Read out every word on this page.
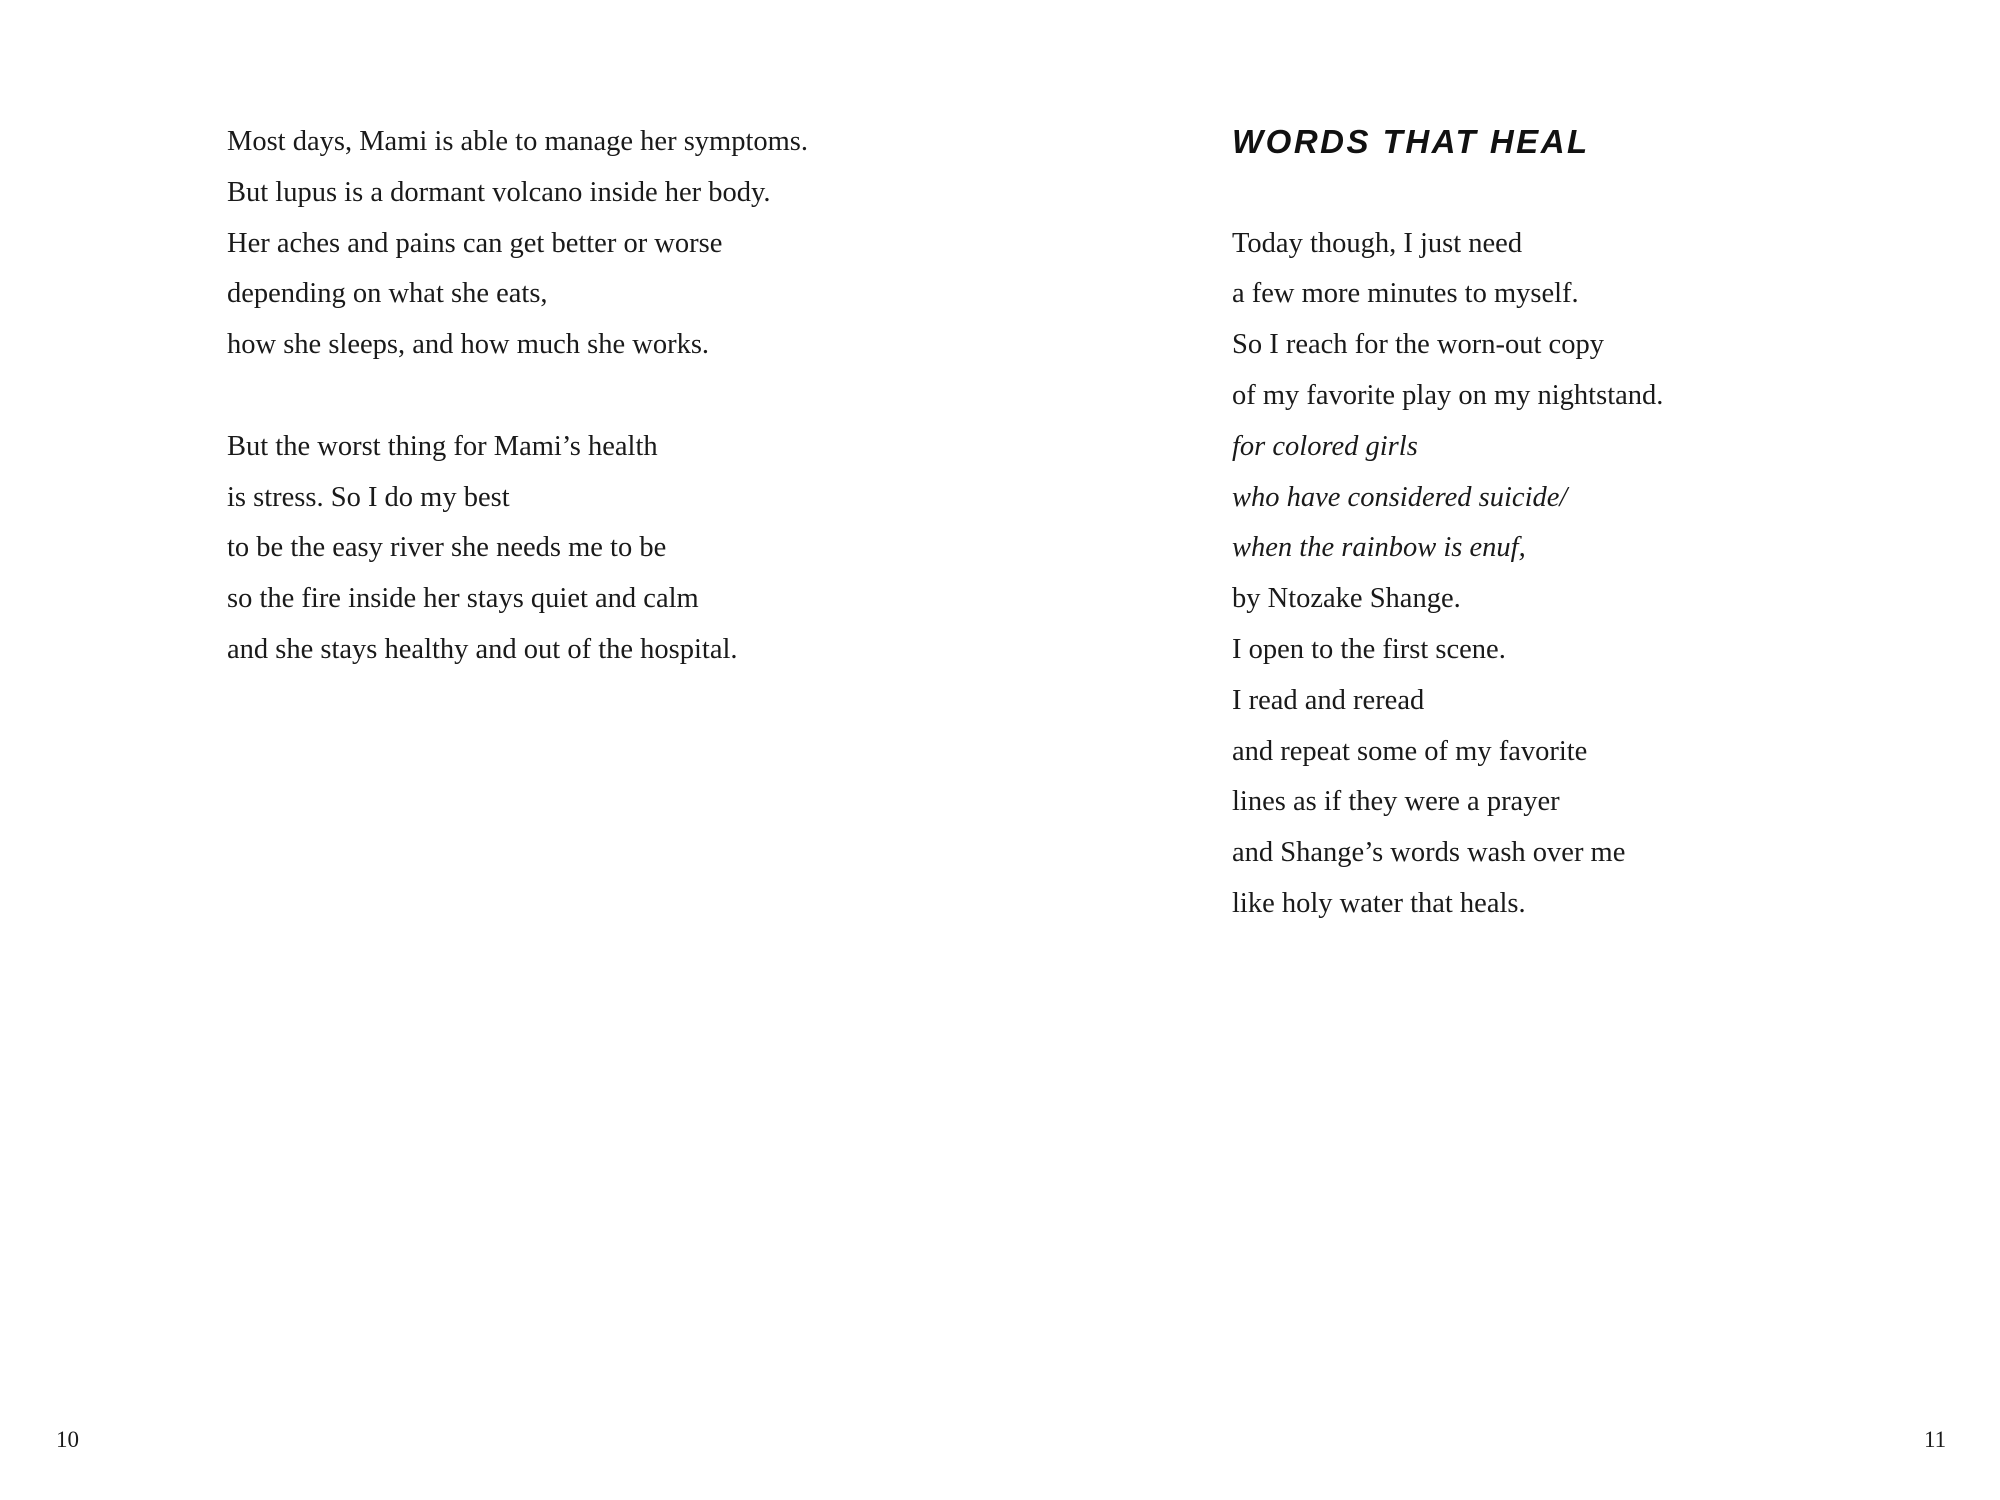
Most days, Mami is able to manage her symptoms.
But lupus is a dormant volcano inside her body.
Her aches and pains can get better or worse
depending on what she eats,
how she sleeps, and how much she works.
But the worst thing for Mami’s health
is stress. So I do my best
to be the easy river she needs me to be
so the fire inside her stays quiet and calm
and she stays healthy and out of the hospital.
WORDS THAT HEAL
Today though, I just need
a few more minutes to myself.
So I reach for the worn-out copy
of my favorite play on my nightstand.
for colored girls
who have considered suicide/
when the rainbow is enuf,
by Ntozake Shange.
I open to the first scene.
I read and reread
and repeat some of my favorite
lines as if they were a prayer
and Shange’s words wash over me
like holy water that heals.
10	11
